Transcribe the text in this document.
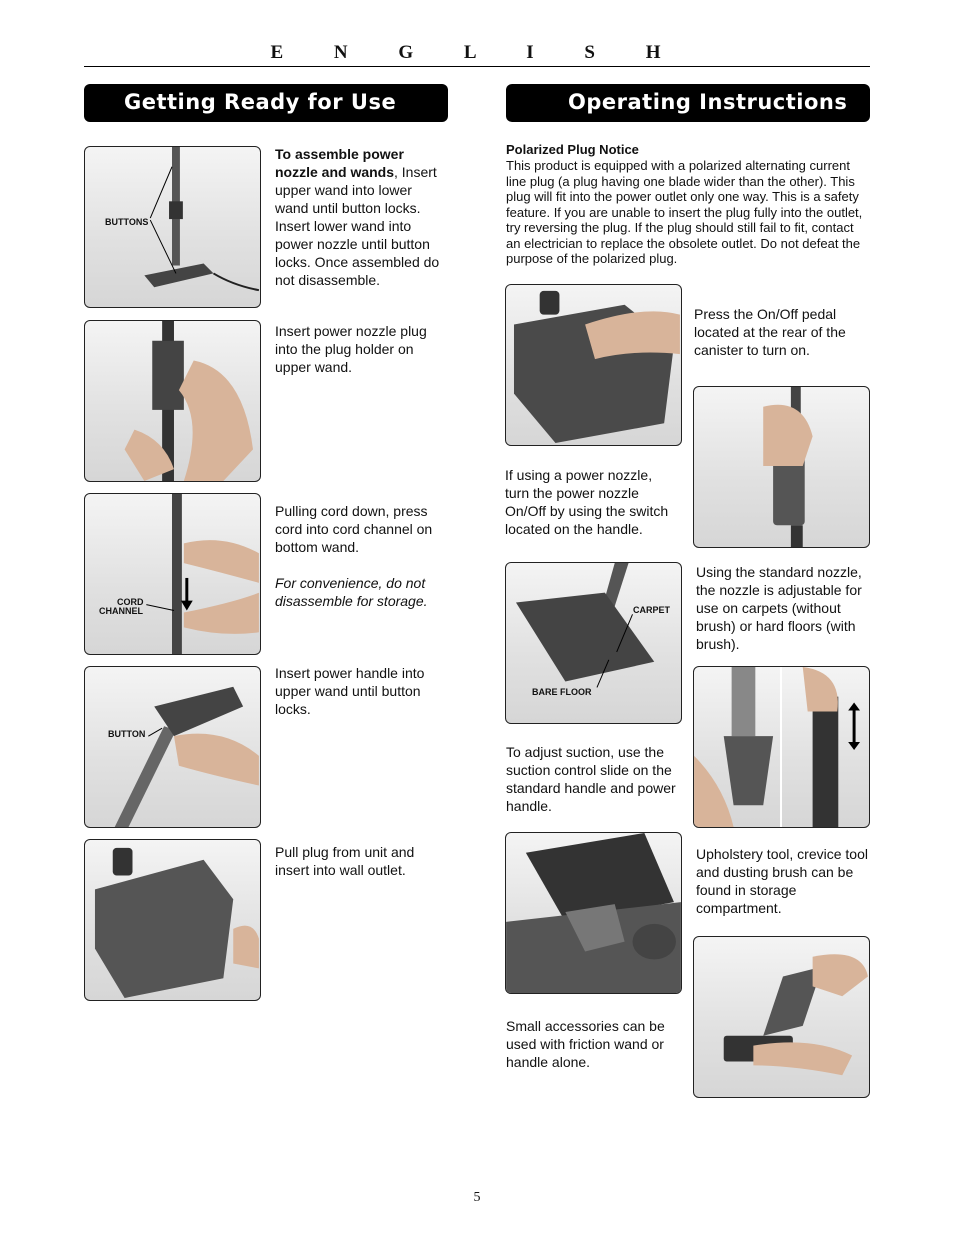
E N G L I S H
Getting Ready for Use	Operating Instructions
BUTTONS
To assemble power nozzle and wands, Insert upper wand into lower wand until button locks. Insert lower wand into power nozzle until button locks. Once assembled do not disassemble.
Insert power nozzle plug into the plug holder on upper wand.
CORD
CHANNEL
Pulling cord down, press cord into cord channel on bottom wand.
For convenience, do not disassemble for storage.
BUTTON
Insert power handle into upper wand until button locks.
Pull plug from unit and insert into wall outlet.
Polarized Plug Notice
This product is equipped with a polarized alternating current line plug (a plug having one blade wider than the other). This plug will fit into the power outlet only one way. This is a safety feature. If you are unable to insert the plug fully into the outlet, try reversing the plug. If the plug should still fail to fit, contact an electrician to replace the obsolete outlet. Do not defeat the purpose of the polarized plug.
Press the On/Off pedal located at the rear of the canister to turn on.
If using a power nozzle, turn the power nozzle On/Off by using the switch located on the handle.
CARPET
BARE FLOOR
Using the standard nozzle, the nozzle is adjustable for use on carpets (without brush) or hard floors (with brush).
To adjust suction, use the suction control slide on the standard handle and power handle.
Upholstery tool, crevice tool and dusting brush can be found in storage compartment.
Small accessories can be used with friction wand or handle alone.
5
